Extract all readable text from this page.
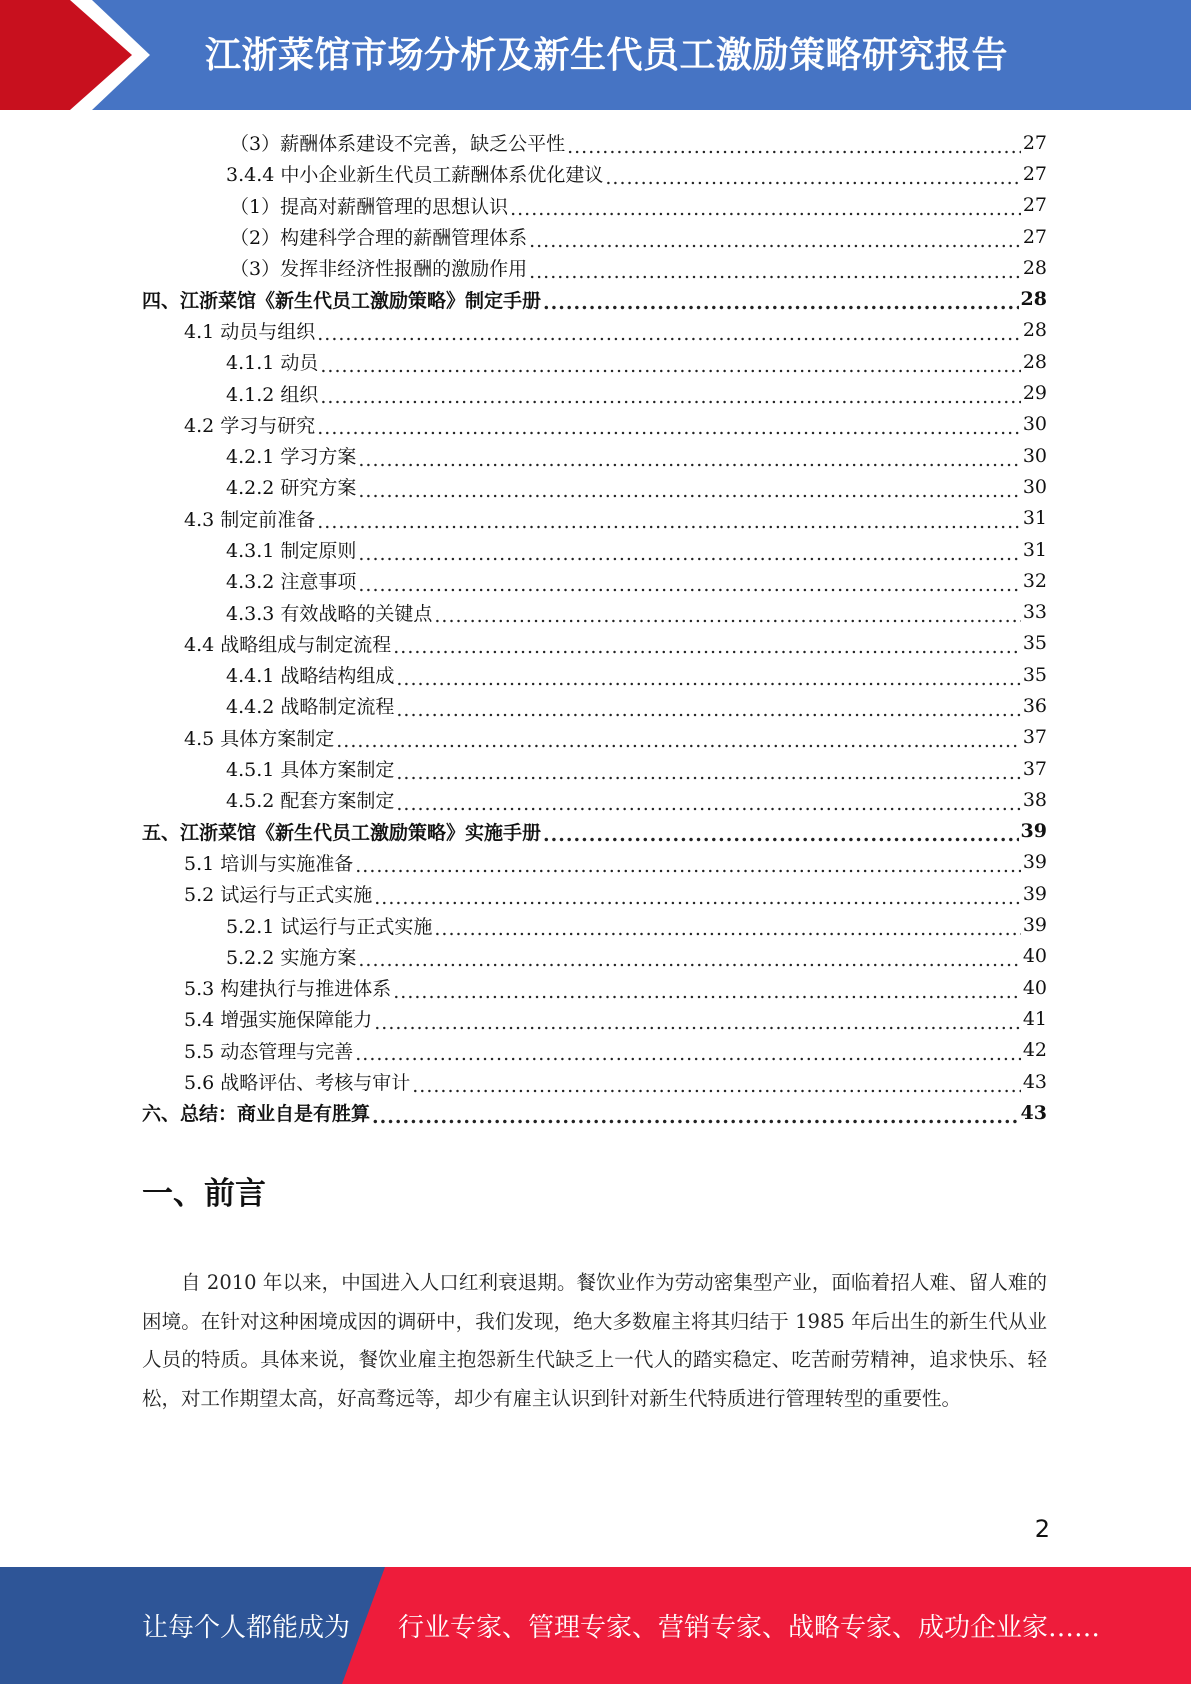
江浙菜馆市场分析及新生代员工激励策略研究报告
（3）薪酬体系建设不完善，缺乏公平性 .....	27
3.4.4 中小企业新生代员工薪酬体系优化建议 .....	27
（1）提高对薪酬管理的思想认识 .....	27
（2）构建科学合理的薪酬管理体系 .....	27
（3）发挥非经济性报酬的激励作用 .....	28
四、江浙菜馆《新生代员工激励策略》制定手册 .....	28
4.1 动员与组织 .....	28
4.1.1 动员 .....	28
4.1.2 组织 .....	29
4.2 学习与研究 .....	30
4.2.1 学习方案 .....	30
4.2.2 研究方案 .....	30
4.3 制定前准备 .....	31
4.3.1 制定原则 .....	31
4.3.2 注意事项 .....	32
4.3.3 有效战略的关键点 .....	33
4.4 战略组成与制定流程 .....	35
4.4.1 战略结构组成 .....	35
4.4.2 战略制定流程 .....	36
4.5 具体方案制定 .....	37
4.5.1 具体方案制定 .....	37
4.5.2 配套方案制定 .....	38
五、江浙菜馆《新生代员工激励策略》实施手册 .....	39
5.1 培训与实施准备 .....	39
5.2 试运行与正式实施 .....	39
5.2.1 试运行与正式实施 .....	39
5.2.2 实施方案 .....	40
5.3 构建执行与推进体系 .....	40
5.4 增强实施保障能力 .....	41
5.5 动态管理与完善 .....	42
5.6 战略评估、考核与审计 .....	43
六、总结：商业自是有胜算 .....	43
一、前言
自 2010 年以来，中国进入人口红利衰退期。餐饮业作为劳动密集型产业，面临着招人难、留人难的困境。在针对这种困境成因的调研中，我们发现，绝大多数雇主将其归结于 1985 年后出生的新生代从业人员的特质。具体来说，餐饮业雇主抱怨新生代缺乏上一代人的踏实稳定、吃苦耐劳精神，追求快乐、轻松，对工作期望太高，好高骛远等，却少有雇主认识到针对新生代特质进行管理转型的重要性。
2
让每个人都能成为 行业专家、管理专家、营销专家、战略专家、成功企业家……
